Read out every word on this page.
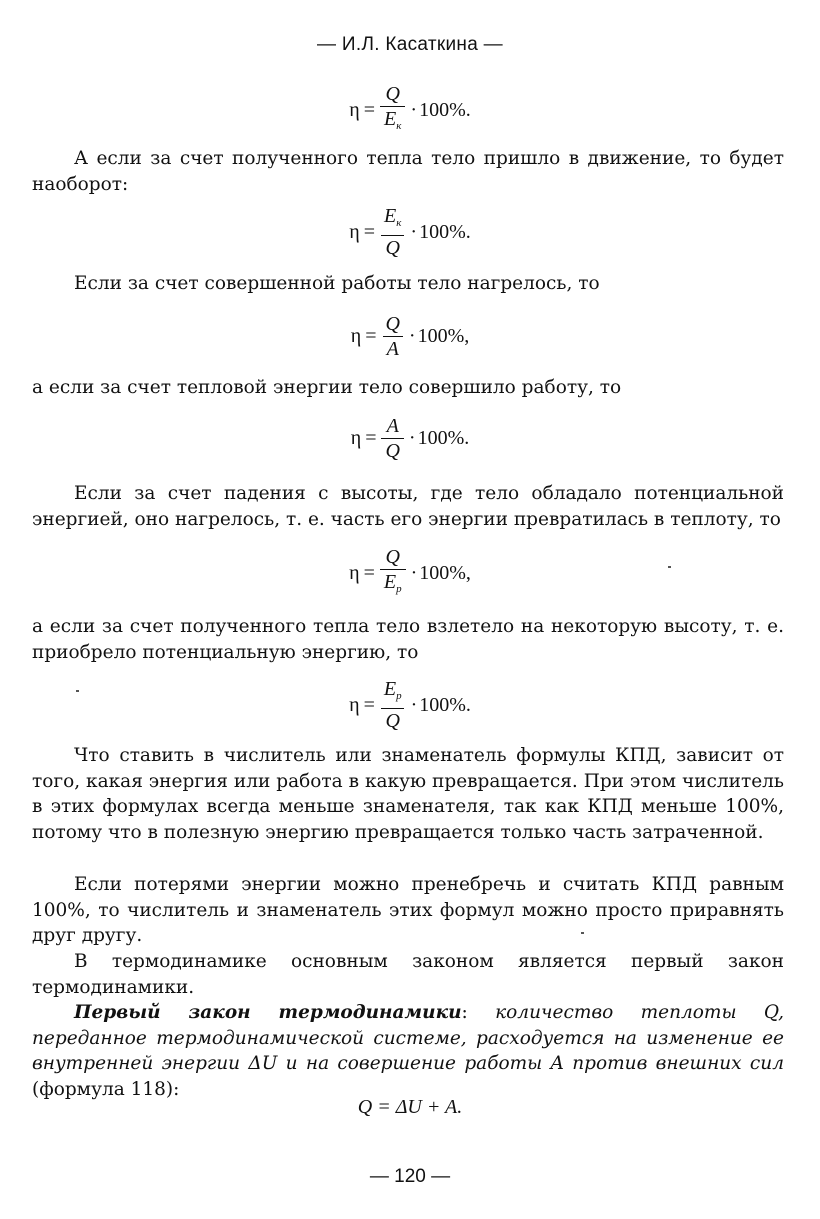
— И.Л. Касаткина —
$\eta = \frac{Q}{E_к} \cdot 100\%$ .
А если за счет полученного тепла тело пришло в движение, то будет наоборот:
$\eta = \frac{E_к}{Q} \cdot 100\%$ .
Если за счет совершенной работы тело нагрелось, то
$\eta = \frac{Q}{A} \cdot 100\%$ ,
а если за счет тепловой энергии тело совершило работу, то
$\eta = \frac{A}{Q} \cdot 100\%$ .
Если за счет падения с высоты, где тело обладало потенциальной энергией, оно нагрелось, т. е. часть его энергии превратилась в теплоту, то
$\eta = \frac{Q}{E_p} \cdot 100\%$ ,
а если за счет полученного тепла тело взлетело на некоторую высоту, т. е. приобрело потенциальную энергию, то
$\eta = \frac{E_p}{Q} \cdot 100\%$ .
Что ставить в числитель или знаменатель формулы КПД, зависит от того, какая энергия или работа в какую превращается. При этом числитель в этих формулах всегда меньше знаменателя, так как КПД меньше 100%, потому что в полезную энергию превращается только часть затраченной.
Если потерями энергии можно пренебречь и считать КПД равным 100%, то числитель и знаменатель этих формул можно просто приравнять друг другу.
В термодинамике основным законом является первый закон термодинамики.
Первый закон термодинамики: количество теплоты Q, переданное термодинамической системе, расходуется на изменение ее внутренней энергии ΔU и на совершение работы A против внешних сил (формула 118):
Q = ΔU + A.
— 120 —
